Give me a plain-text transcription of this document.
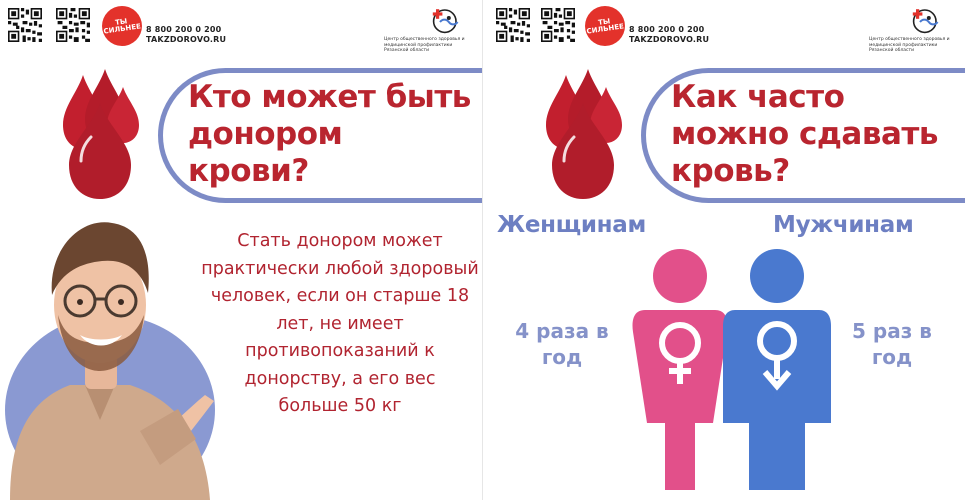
ТЫ
СИЛЬНЕЕ 8 800 200 0 200
TAKZDOROVO.RU	Центр общественного здоровья и медицинской профилактики Рязанской области
Кто может быть
донором
крови?
Стать донором может
практически любой здоровый
человек, если он старше 18
лет, не имеет
противопоказаний к
донорству, а его вес
больше 50 кг
ТЫ
СИЛЬНЕЕ 8 800 200 0 200
TAKZDOROVO.RU	Центр общественного здоровья и медицинской профилактики Рязанской области
Как часто
можно сдавать
кровь?
Женщинам	Мужчинам
4 раза в
год
5 раз в
год
